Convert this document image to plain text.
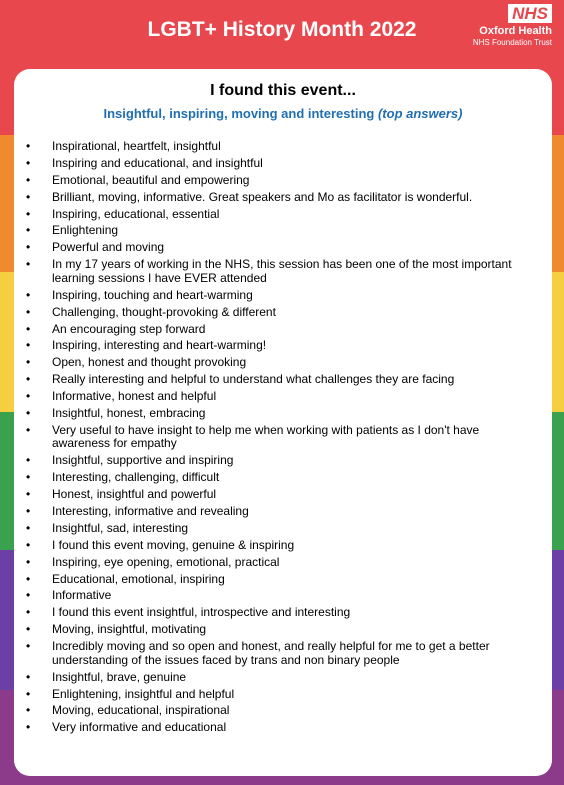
LGBT+ History Month 2022
NHS
Oxford Health
NHS Foundation Trust
I found this event...
Insightful, inspiring, moving and interesting (top answers)
• Inspirational, heartfelt, insightful
• Inspiring and educational, and insightful
• Emotional, beautiful and empowering
• Brilliant, moving, informative. Great speakers and Mo as facilitator is wonderful.
• Inspiring, educational, essential
• Enlightening
• Powerful and moving
• In my 17 years of working in the NHS, this session has been one of the most important learning sessions I have EVER attended
• Inspiring, touching and heart-warming
• Challenging, thought-provoking & different
• An encouraging step forward
• Inspiring, interesting and heart-warming!
• Open, honest and thought provoking
• Really interesting and helpful to understand what challenges they are facing
• Informative, honest and helpful
• Insightful, honest, embracing
• Very useful to have insight to help me when working with patients as I don't have awareness for empathy
• Insightful, supportive and inspiring
• Interesting, challenging, difficult
• Honest, insightful and powerful
• Interesting, informative and revealing
• Insightful, sad, interesting
• I found this event moving, genuine & inspiring
• Inspiring, eye opening, emotional, practical
• Educational, emotional, inspiring
• Informative
• I found this event insightful, introspective and interesting
• Moving, insightful, motivating
• Incredibly moving and so open and honest, and really helpful for me to get a better understanding of the issues faced by trans and non binary people
• Insightful, brave, genuine
• Enlightening, insightful and helpful
• Moving, educational, inspirational
• Very informative and educational
